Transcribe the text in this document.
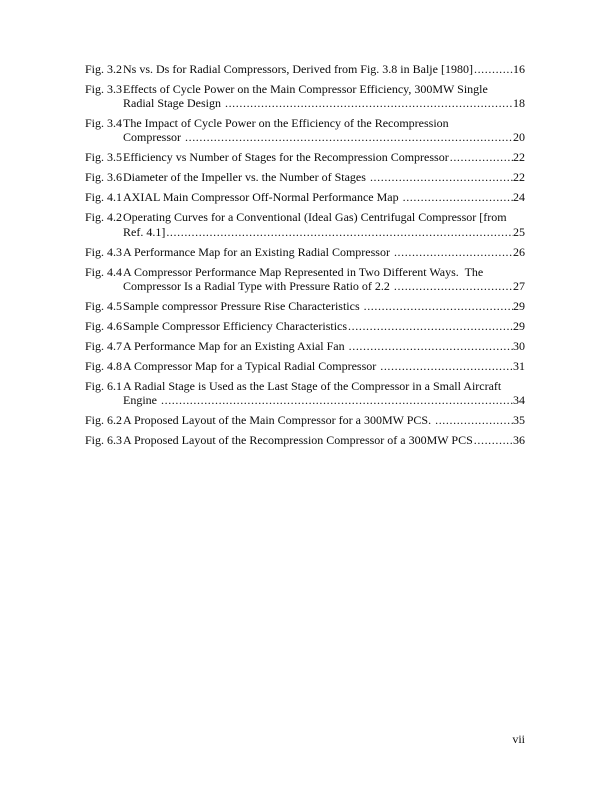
Fig. 3.2 Ns vs. Ds for Radial Compressors, Derived from Fig. 3.8 in Balje [1980] .....	16
Fig. 3.3 Effects of Cycle Power on the Main Compressor Efficiency, 300MW Single
Radial Stage Design .....	18
Fig. 3.4 The Impact of Cycle Power on the Efficiency of the Recompression
Compressor .....	20
Fig. 3.5 Efficiency vs Number of Stages for the Recompression Compressor .....	22
Fig. 3.6 Diameter of the Impeller vs. the Number of Stages .....	22
Fig. 4.1 AXIAL Main Compressor Off-Normal Performance Map .....	24
Fig. 4.2 Operating Curves for a Conventional (Ideal Gas) Centrifugal Compressor [from
Ref. 4.1] .....	25
Fig. 4.3 A Performance Map for an Existing Radial Compressor .....	26
Fig. 4.4 A Compressor Performance Map Represented in Two Different Ways.  The
Compressor Is a Radial Type with Pressure Ratio of 2.2 .....	27
Fig. 4.5 Sample compressor Pressure Rise Characteristics .....	29
Fig. 4.6 Sample Compressor Efficiency Characteristics .....	29
Fig. 4.7 A Performance Map for an Existing Axial Fan .....	30
Fig. 4.8 A Compressor Map for a Typical Radial Compressor .....	31
Fig. 6.1 A Radial Stage is Used as the Last Stage of the Compressor in a Small Aircraft
Engine .....	34
Fig. 6.2 A Proposed Layout of the Main Compressor for a 300MW PCS. .....	35
Fig. 6.3 A Proposed Layout of the Recompression Compressor of a 300MW PCS .....	36
vii
